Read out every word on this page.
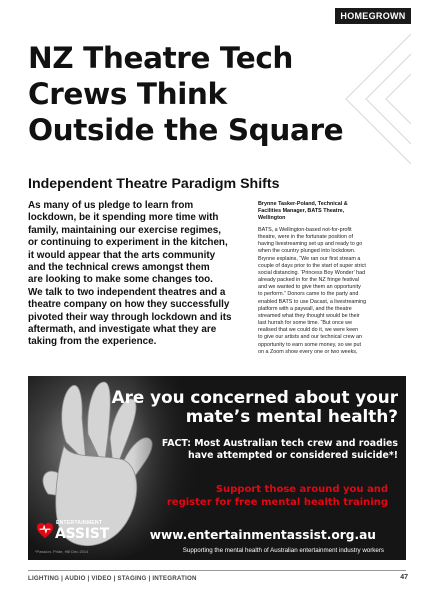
HOMEGROWN
NZ Theatre Tech
Crews Think
Outside the Square
Independent Theatre Paradigm Shifts
As many of us pledge to learn from
lockdown, be it spending more time with
family, maintaining our exercise regimes,
or continuing to experiment in the kitchen,
it would appear that the arts community
and the technical crews amongst them
are looking to make some changes too.
We talk to two independent theatres and a
theatre company on how they successfully
pivoted their way through lockdown and its
aftermath, and investigate what they are
taking from the experience.
Brynne Tasker-Poland, Technical &
Facilities Manager, BATS Theatre,
Wellington
BATS, a Wellington-based not-for-profit
theatre, were in the fortunate position of
having livestreaming set up and ready to go
when the country plunged into lockdown.
Brynne explains, “We ran our first stream a
couple of days prior to the start of super strict
social distancing. ‘Princess Boy Wonder’ had
already packed in for the NZ fringe festival
and we wanted to give them an opportunity
to perform.” Donors came to the party and
enabled BATS to use Dacast, a livestreaming
platform with a paywall, and the theatre
streamed what they thought would be their
last hurrah for some time. “But once we
realised that we could do it, we were keen
to give our artists and our technical crew an
opportunity to earn some money, so we put
on a Zoom show every one or two weeks,
Are you concerned about your
mate’s mental health?
FACT: Most Australian tech crew and roadies
have attempted or considered suicide*!
Support those around you and
register for free mental health training
ENTERTAINMENT
ASSIST	www.entertainmentassist.org.au
Supporting the mental health of Australian entertainment industry workers
*Passion, Pride, Hill Dec 2014
LIGHTING | AUDIO | VIDEO | STAGING | INTEGRATION	47
